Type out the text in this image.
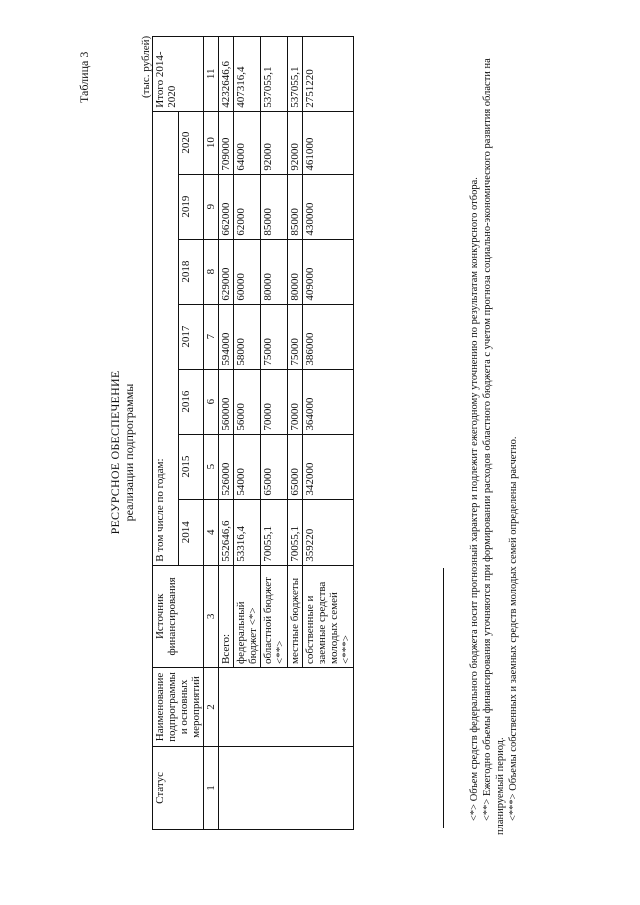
Таблица 3
РЕСУРСНОЕ ОБЕСПЕЧЕНИЕ реализации подпрограммы
(тыс. рублей)
Статус	Наименование подпрограммы и основных мероприятий	Источник финансирования	В том числе по годам:							Итого 2014-2020
			2014	2015	2016	2017	2018	2019	2020	
1	2	3	4	5	6	7	8	9	10	11
		Всего:	552646,6	526000	560000	594000	629000	662000	709000	4232646,6
		федеральный бюджет <*>	53316,4	54000	56000	58000	60000	62000	64000	407316,4
		областной бюджет <**>	70055,1	65000	70000	75000	80000	85000	92000	537055,1
		местные бюджеты	70055,1	65000	70000	75000	80000	85000	92000	537055,1
		собственные и заемные средства молодых семей <***>	359220	342000	364000	386000	409000	430000	461000	2751220

<*> Объем средств федерального бюджета носит прогнозный характер и подлежит ежегодному уточнению по результатам конкурсного отбора. <**> Ежегодно объемы финансирования уточняются при формировании расходов областного бюджета с учетом прогноза социально-экономического развития области на планируемый период. <***> Объемы собственных и заемных средств молодых семей определены расчетно.
